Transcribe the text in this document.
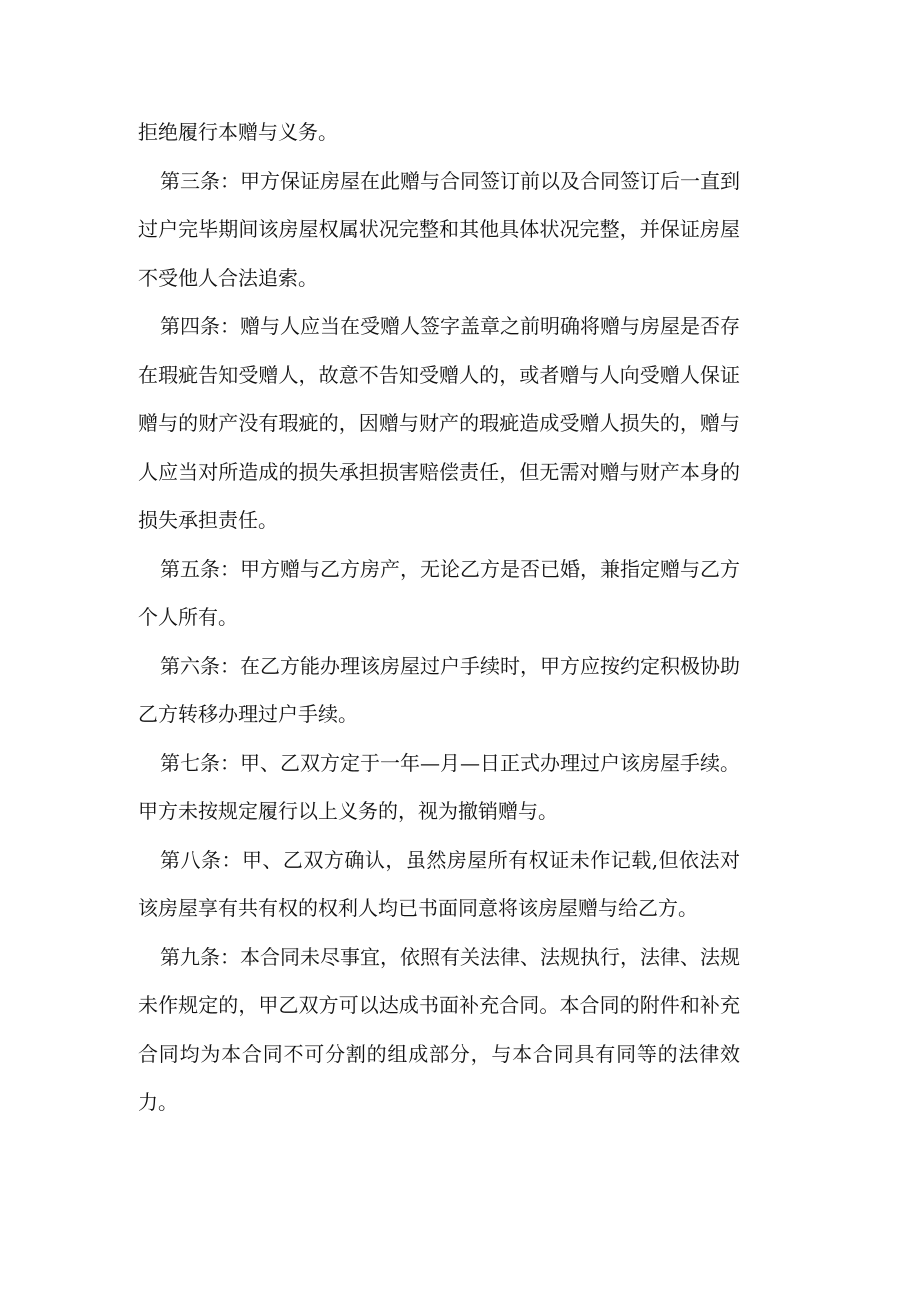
拒绝履行本赠与义务。

第三条：甲方保证房屋在此赠与合同签订前以及合同签订后一直到过户完毕期间该房屋权属状况完整和其他具体状况完整，并保证房屋不受他人合法追索。

第四条：赠与人应当在受赠人签字盖章之前明确将赠与房屋是否存在瑕疵告知受赠人，故意不告知受赠人的，或者赠与人向受赠人保证赠与的财产没有瑕疵的，因赠与财产的瑕疵造成受赠人损失的，赠与人应当对所造成的损失承担损害赔偿责任，但无需对赠与财产本身的损失承担责任。

第五条：甲方赠与乙方房产，无论乙方是否已婚，兼指定赠与乙方个人所有。

第六条：在乙方能办理该房屋过户手续时，甲方应按约定积极协助乙方转移办理过户手续。

第七条：甲、乙双方定于一年—月—日正式办理过户该房屋手续。甲方未按规定履行以上义务的，视为撤销赠与。

第八条：甲、乙双方确认，虽然房屋所有权证未作记载,但依法对该房屋享有共有权的权利人均已书面同意将该房屋赠与给乙方。

第九条：本合同未尽事宜，依照有关法律、法规执行，法律、法规未作规定的，甲乙双方可以达成书面补充合同。本合同的附件和补充合同均为本合同不可分割的组成部分，与本合同具有同等的法律效力。
